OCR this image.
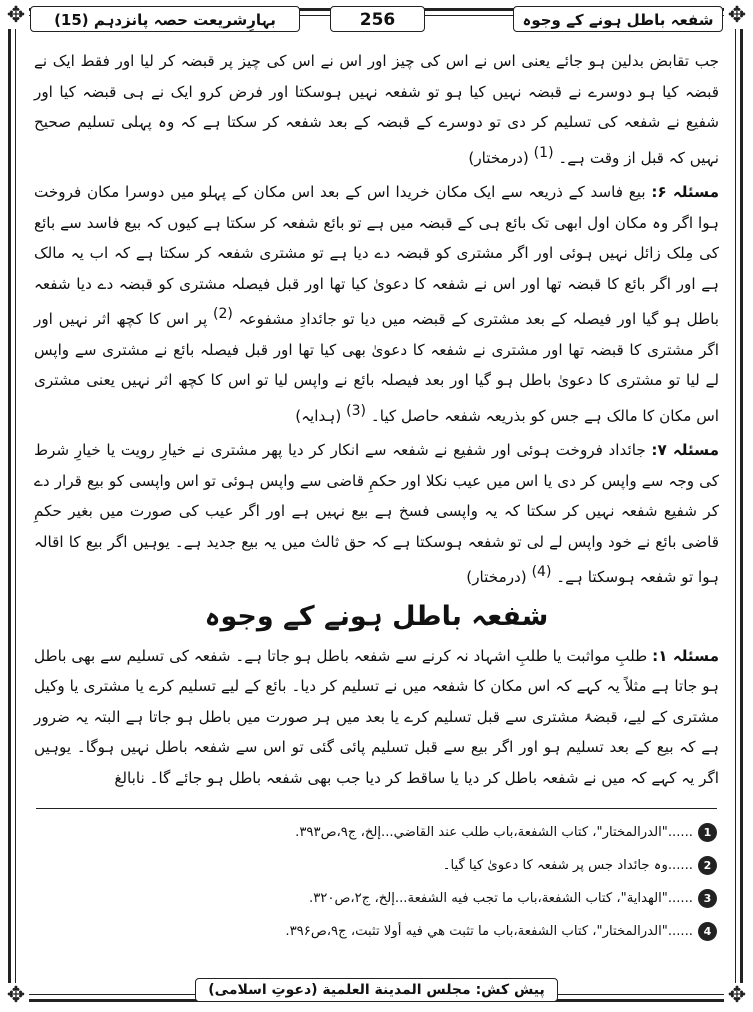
✥	✥
✥	✥
شفعہ باطل ہونے کے وجوہ
256
بہارِشریعت حصہ پانزدہم (15)

جب تقابض بدلین ہو جائے یعنی اس نے اس کی چیز اور اس نے اس کی چیز پر قبضہ کر لیا اور فقط ایک نے قبضہ کیا ہو دوسرے نے قبضہ نہیں کیا ہو تو شفعہ نہیں ہوسکتا اور فرض کرو ایک نے ہی قبضہ کیا اور شفیع نے شفعہ کی تسلیم کر دی تو دوسرے کے قبضہ کے بعد شفعہ کر سکتا ہے کہ وہ پہلی تسلیم صحیح نہیں کہ قبل از وقت ہے۔ $^{(1)}$ (درمختار)

مسئلہ ۶: بیع فاسد کے ذریعہ سے ایک مکان خریدا اس کے بعد اس مکان کے پہلو میں دوسرا مکان فروخت ہوا اگر وہ مکان اول ابھی تک بائع ہی کے قبضہ میں ہے تو بائع شفعہ کر سکتا ہے کیوں کہ بیع فاسد سے بائع کی مِلک زائل نہیں ہوئی اور اگر مشتری کو قبضہ دے دیا ہے تو مشتری شفعہ کر سکتا ہے کہ اب یہ مالک ہے اور اگر بائع کا قبضہ تھا اور اس نے شفعہ کا دعویٰ کیا تھا اور قبل فیصلہ مشتری کو قبضہ دے دیا شفعہ باطل ہو گیا اور فیصلہ کے بعد مشتری کے قبضہ میں دیا تو جائدادِ مشفوعہ $^{(2)}$ پر اس کا کچھ اثر نہیں اور اگر مشتری کا قبضہ تھا اور مشتری نے شفعہ کا دعویٰ بھی کیا تھا اور قبل فیصلہ بائع نے مشتری سے واپس لے لیا تو مشتری کا دعویٰ باطل ہو گیا اور بعد فیصلہ بائع نے واپس لیا تو اس کا کچھ اثر نہیں یعنی مشتری اس مکان کا مالک ہے جس کو بذریعہ شفعہ حاصل کیا۔ $^{(3)}$ (ہدایہ)

مسئلہ ۷: جائداد فروخت ہوئی اور شفیع نے شفعہ سے انکار کر دیا پھر مشتری نے خیارِ رویت یا خیارِ شرط کی وجہ سے واپس کر دی یا اس میں عیب نکلا اور حکمِ قاضی سے واپس ہوئی تو اس واپسی کو بیع قرار دے کر شفیع شفعہ نہیں کر سکتا کہ یہ واپسی فسخ ہے بیع نہیں ہے اور اگر عیب کی صورت میں بغیر حکمِ قاضی بائع نے خود واپس لے لی تو شفعہ ہوسکتا ہے کہ حق ثالث میں یہ بیع جدید ہے۔ یوہیں اگر بیع کا اقالہ ہوا تو شفعہ ہوسکتا ہے۔ $^{(4)}$ (درمختار)

شفعہ باطل ہونے کے وجوہ

مسئلہ ۱: طلبِ مواثبت یا طلبِ اشہاد نہ کرنے سے شفعہ باطل ہو جاتا ہے۔ شفعہ کی تسلیم سے بھی باطل ہو جاتا ہے مثلاً یہ کہے کہ اس مکان کا شفعہ میں نے تسلیم کر دیا۔ بائع کے لیے تسلیم کرے یا مشتری یا وکیل مشتری کے لیے، قبضۂ مشتری سے قبل تسلیم کرے یا بعد میں ہر صورت میں باطل ہو جاتا ہے البتہ یہ ضرور ہے کہ بیع کے بعد تسلیم ہو اور اگر بیع سے قبل تسلیم پائی گئی تو اس سے شفعہ باطل نہیں ہوگا۔ یوہیں اگر یہ کہے کہ میں نے شفعہ باطل کر دیا یا ساقط کر دیا جب بھی شفعہ باطل ہو جائے گا۔ نابالغ

1......"الدرالمختار"، كتاب الشفعة،باب طلب عند القاضي...إلخ، ج۹،ص۳۹۳.
2......وہ جائداد جس پر شفعہ کا دعویٰ کیا گیا۔
3......"الهداية"، كتاب الشفعة،باب ما تجب فيه الشفعة...إلخ، ج۲،ص۳۲۰.
4......"الدرالمختار"، كتاب الشفعة،باب ما تثبت هي فيه أولا تثبت، ج۹،ص۳۹۶.
پیش کش: مجلس المدينة العلمية (دعوتِ اسلامی)
